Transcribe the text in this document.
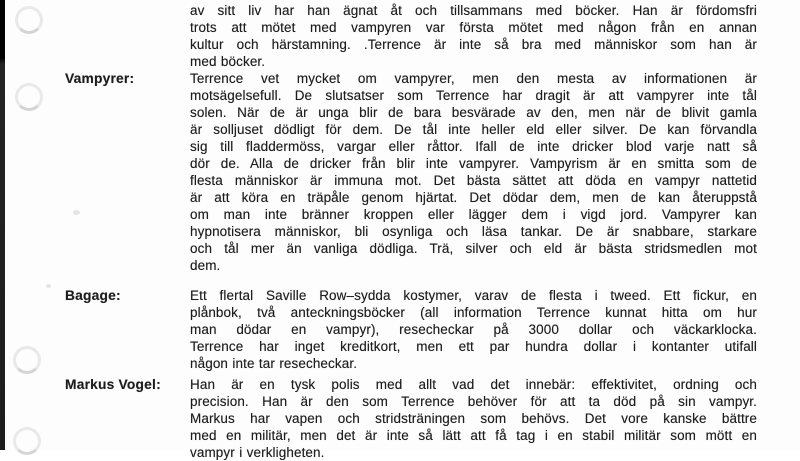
av sitt liv har han ägnat åt och tillsammans med böcker. Han är fördomsfri
trots att mötet med vampyren var första mötet med någon från en annan
kultur och härstamning. .Terrence är inte så bra med människor som han är
med böcker.
Vampyrer:	Terrence vet mycket om vampyrer, men den mesta av informationen är
motsägelsefull. De slutsatser som Terrence har dragit är att vampyrer inte tål
solen. När de är unga blir de bara besvärade av den, men när de blivit gamla
är solljuset dödligt för dem. De tål inte heller eld eller silver. De kan förvandla
sig till fladdermöss, vargar eller råttor. Ifall de inte dricker blod varje natt så
dör de. Alla de dricker från blir inte vampyrer. Vampyrism är en smitta som de
flesta människor är immuna mot. Det bästa sättet att döda en vampyr nattetid
är att köra en träpåle genom hjärtat. Det dödar dem, men de kan återuppstå
om man inte bränner kroppen eller lägger dem i vigd jord. Vampyrer kan
hypnotisera människor, bli osynliga och läsa tankar. De är snabbare, starkare
och tål mer än vanliga dödliga. Trä, silver och eld är bästa stridsmedlen mot
dem.
Bagage:	Ett flertal Saville Row–sydda kostymer, varav de flesta i tweed. Ett fickur, en
plånbok, två anteckningsböcker (all information Terrence kunnat hitta om hur
man dödar en vampyr), resecheckar på 3000 dollar och väckarklocka.
Terrence har inget kreditkort, men ett par hundra dollar i kontanter utifall
någon inte tar resecheckar.
Markus Vogel:	Han är en tysk polis med allt vad det innebär: effektivitet, ordning och
precision. Han är den som Terrence behöver för att ta död på sin vampyr.
Markus har vapen och stridsträningen som behövs. Det vore kanske bättre
med en militär, men det är inte så lätt att få tag i en stabil militär som mött en
vampyr i verkligheten.
